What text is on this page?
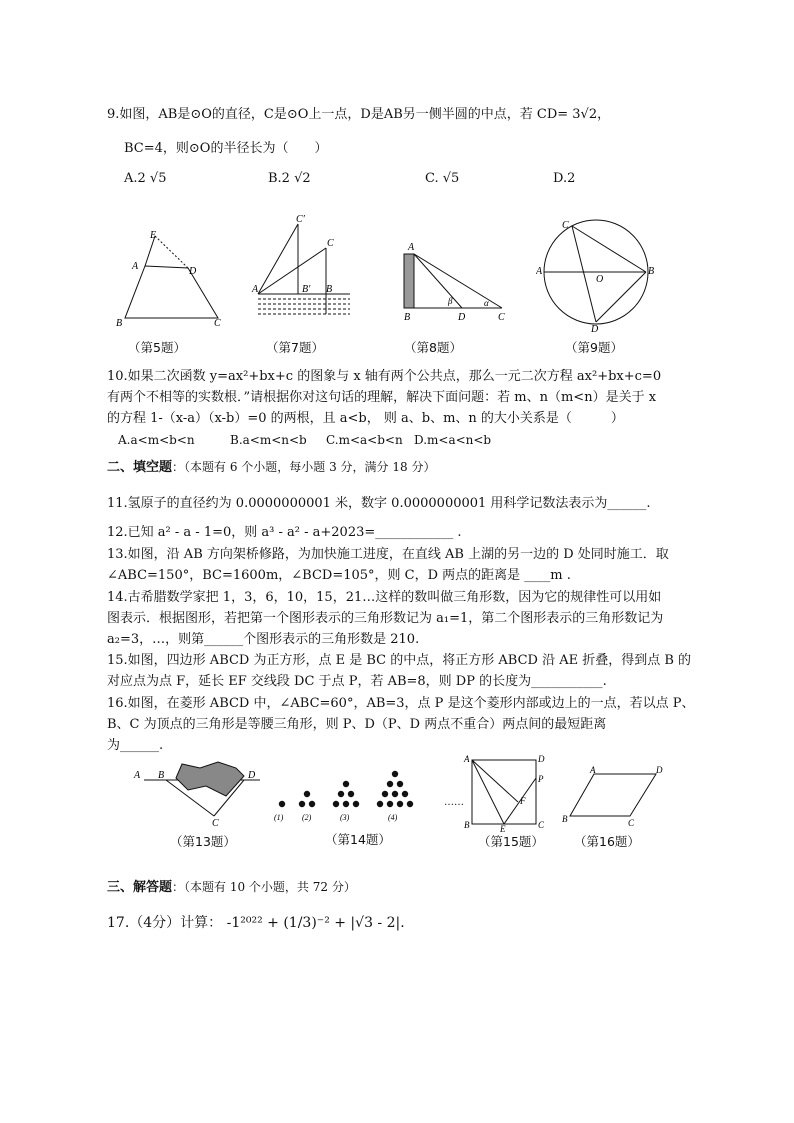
9.如图，AB是⊙O的直径，C是⊙O上一点，D是AB另一侧半圆的中点，若 CD= 3√2，
BC=4，则⊙O的半径长为（　　）
A.2 √5	B.2 √2	C. √5	D.2
E
A	D
B	C
C′
C
A	B′ B
A
B	D	C
β	α
C
A	B
O
D
（第5题）	（第7题）	（第8题）	（第9题）
10.如果二次函数 y=ax²+bx+c 的图象与 x 轴有两个公共点，那么一元二次方程 ax²+bx+c=0
有两个不相等的实数根．”请根据你对这句话的理解，解决下面问题：若 m、n（m<n）是关于 x
的方程 1-（x-a）（x-b）=0 的两根，且 a<b， 则 a、b、m、n 的大小关系是（　　　）
A.a<m<b<n	B.a<m<n<b C.m<a<b<n D.m<a<n<b
二、填空题：（本题有 6 个小题，每小题 3 分，满分 18 分）
11.氢原子的直径约为 0.0000000001 米，数字 0.0000000001 用科学记数法表示为______.
12.已知 a² - a - 1=0，则 a³ - a² - a+2023=____________ .
13.如图，沿 AB 方向架桥修路，为加快施工进度，在直线 AB 上湖的另一边的 D 处同时施工．取
∠ABC=150°，BC=1600m，∠BCD=105°，则 C，D 两点的距离是 ____m .
14.古希腊数学家把 1，3，6，10，15，21…这样的数叫做三角形数，因为它的规律性可以用如
图表示．根据图形，若把第一个图形表示的三角形数记为 a₁=1，第二个图形表示的三角形数记为
a₂=3，…，则第______个图形表示的三角形数是 210.
15.如图，四边形 ABCD 为正方形，点 E 是 BC 的中点，将正方形 ABCD 沿 AE 折叠，得到点 B 的
对应点为点 F，延长 EF 交线段 DC 于点 P，若 AB=8，则 DP 的长度为___________.
16.如图，在菱形 ABCD 中，∠ABC=60°，AB=3，点 P 是这个菱形内部或边上的一点，若以点 P、
B、C 为顶点的三角形是等腰三角形，则 P、D（P、D 两点不重合）两点间的最短距离
为______.
A B	D
C
(1) (2)	(3)	(4)
……
A	D
P
F
B	E	C
A	D
B	C
（第13题）	（第14题）	（第15题） （第16题）
三、解答题：（本题有 10 个小题，共 72 分）
17.（4分）计算： -1²⁰²² + (1/3)⁻² + |√3 - 2|.
